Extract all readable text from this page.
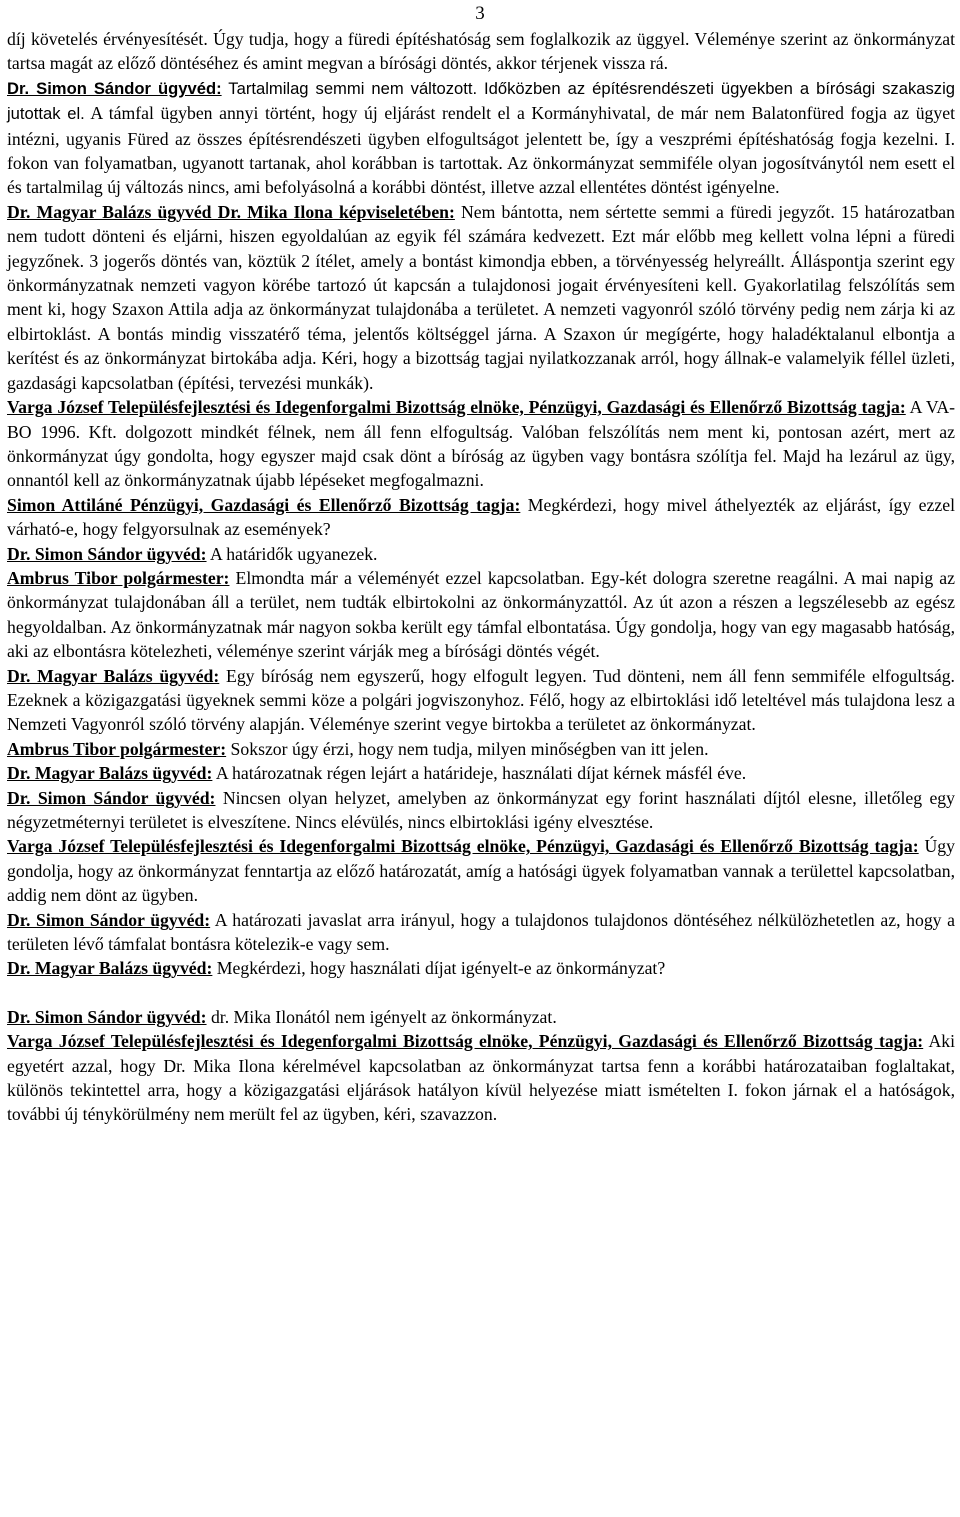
3

díj követelés érvényesítését. Úgy tudja, hogy a füredi építéshatóság sem foglalkozik az üggyel. Véleménye szerint az önkormányzat tartsa magát az előző döntéséhez és amint megvan a bírósági döntés, akkor térjenek vissza rá.

Dr. Simon Sándor ügyvéd: Tartalmilag semmi nem változott. Időközben az építésrendészeti ügyekben a bírósági szakaszig jutottak el. A támfal ügyben annyi történt, hogy új eljárást rendelt el a Kormányhivatal, de már nem Balatonfüred fogja az ügyet intézni, ugyanis Füred az összes építésrendészeti ügyben elfogultságot jelentett be, így a veszprémi építéshatóság fogja kezelni. I. fokon van folyamatban, ugyanott tartanak, ahol korábban is tartottak. Az önkormányzat semmiféle olyan jogosítványtól nem esett el és tartalmilag új változás nincs, ami befolyásolná a korábbi döntést, illetve azzal ellentétes döntést igényelne.

Dr. Magyar Balázs ügyvéd Dr. Mika Ilona képviseletében: Nem bántotta, nem sértette semmi a füredi jegyzőt. 15 határozatban nem tudott dönteni és eljárni, hiszen egyoldalúan az egyik fél számára kedvezett. Ezt már előbb meg kellett volna lépni a füredi jegyzőnek. 3 jogerős döntés van, köztük 2 ítélet, amely a bontást kimondja ebben, a törvényesség helyreállt. Álláspontja szerint egy önkormányzatnak nemzeti vagyon körébe tartozó út kapcsán a tulajdonosi jogait érvényesíteni kell. Gyakorlatilag felszólítás sem ment ki, hogy Szaxon Attila adja az önkormányzat tulajdonába a területet. A nemzeti vagyonról szóló törvény pedig nem zárja ki az elbirtoklást. A bontás mindig visszatérő téma, jelentős költséggel járna. A Szaxon úr megígérte, hogy haladéktalanul elbontja a kerítést és az önkormányzat birtokába adja. Kéri, hogy a bizottság tagjai nyilatkozzanak arról, hogy állnak-e valamelyik féllel üzleti, gazdasági kapcsolatban (építési, tervezési munkák).

Varga József Településfejlesztési és Idegenforgalmi Bizottság elnöke, Pénzügyi, Gazdasági és Ellenőrző Bizottság tagja: A VA-BO 1996. Kft. dolgozott mindkét félnek, nem áll fenn elfogultság. Valóban felszólítás nem ment ki, pontosan azért, mert az önkormányzat úgy gondolta, hogy egyszer majd csak dönt a bíróság az ügyben vagy bontásra szólítja fel. Majd ha lezárul az ügy, onnantól kell az önkormányzatnak újabb lépéseket megfogalmazni.

Simon Attiláné Pénzügyi, Gazdasági és Ellenőrző Bizottság tagja: Megkérdezi, hogy mivel áthelyezték az eljárást, így ezzel várható-e, hogy felgyorsulnak az események?

Dr. Simon Sándor ügyvéd: A határidők ugyanezek.

Ambrus Tibor polgármester: Elmondta már a véleményét ezzel kapcsolatban. Egy-két dologra szeretne reagálni. A mai napig az önkormányzat tulajdonában áll a terület, nem tudták elbirtokolni az önkormányzattól. Az út azon a részen a legszélesebb az egész hegyoldalban. Az önkormányzatnak már nagyon sokba került egy támfal elbontatása. Úgy gondolja, hogy van egy magasabb hatóság, aki az elbontásra kötelezheti, véleménye szerint várják meg a bírósági döntés végét.

Dr. Magyar Balázs ügyvéd: Egy bíróság nem egyszerű, hogy elfogult legyen. Tud dönteni, nem áll fenn semmiféle elfogultság. Ezeknek a közigazgatási ügyeknek semmi köze a polgári jogviszonyhoz. Félő, hogy az elbirtoklási idő leteltével más tulajdona lesz a Nemzeti Vagyonról szóló törvény alapján. Véleménye szerint vegye birtokba a területet az önkormányzat.

Ambrus Tibor polgármester: Sokszor úgy érzi, hogy nem tudja, milyen minőségben van itt jelen.

Dr. Magyar Balázs ügyvéd: A határozatnak régen lejárt a határideje, használati díjat kérnek másfél éve.

Dr. Simon Sándor ügyvéd: Nincsen olyan helyzet, amelyben az önkormányzat egy forint használati díjtól elesne, illetőleg egy négyzetméternyi területet is elveszítene. Nincs elévülés, nincs elbirtoklási igény elvesztése.

Varga József Településfejlesztési és Idegenforgalmi Bizottság elnöke, Pénzügyi, Gazdasági és Ellenőrző Bizottság tagja: Úgy gondolja, hogy az önkormányzat fenntartja az előző határozatát, amíg a hatósági ügyek folyamatban vannak a területtel kapcsolatban, addig nem dönt az ügyben.

Dr. Simon Sándor ügyvéd: A határozati javaslat arra irányul, hogy a tulajdonos tulajdonos döntéséhez nélkülözhetetlen az, hogy a területen lévő támfalat bontásra kötelezik-e vagy sem.

Dr. Magyar Balázs ügyvéd: Megkérdezi, hogy használati díjat igényelt-e az önkormányzat?

Dr. Simon Sándor ügyvéd: dr. Mika Ilonától nem igényelt az önkormányzat.

Varga József Településfejlesztési és Idegenforgalmi Bizottság elnöke, Pénzügyi, Gazdasági és Ellenőrző Bizottság tagja: Aki egyetért azzal, hogy Dr. Mika Ilona kérelmével kapcsolatban az önkormányzat tartsa fenn a korábbi határozataiban foglaltakat, különös tekintettel arra, hogy a közigazgatási eljárások hatályon kívül helyezése miatt ismételten I. fokon járnak el a hatóságok, további új ténykörülmény nem merült fel az ügyben, kéri, szavazzon.
